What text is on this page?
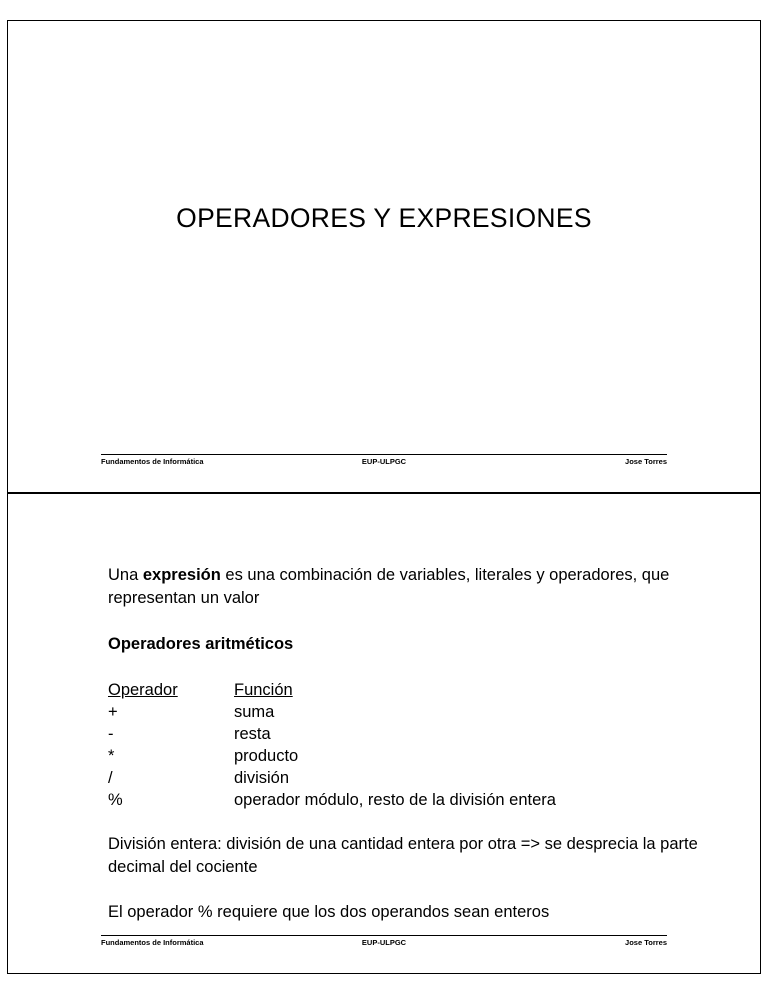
OPERADORES Y EXPRESIONES
Fundamentos de Informática	Jose Torres
EUP-ULPGC
Una expresión es una combinación de variables, literales y operadores, que representan un valor
Operadores aritméticos
Operador	Función
+	suma
-	resta
*	producto
/	división
%	operador módulo, resto de la división entera
División entera: división de una cantidad entera por otra => se desprecia la parte decimal del cociente
El operador % requiere que los dos operandos sean enteros
Fundamentos de Informática	Jose Torres
EUP-ULPGC
